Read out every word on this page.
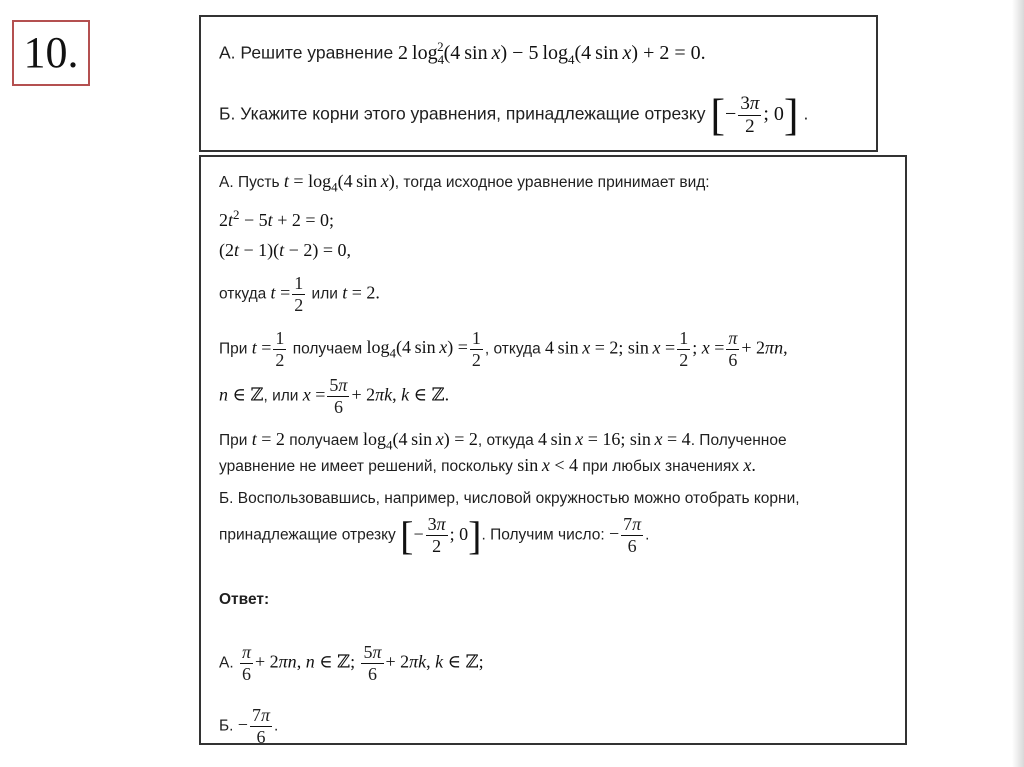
10.	А. Решите уравнение 2 $\log_4^2(4$ sin x) − 5 $\log_4(4$ sin x) + 2 = 0.
Б. Укажите корни этого уравнения, принадлежащие отрезку [− $\frac{3\pi}{2}$ ; 0] .
А. Пусть $t = \log_4(4$ sin x), тогда исходное уравнение принимает вид:
$2t^2 - 5t + 2 = 0$;
(2t − 1)(t − 2) = 0,
откуда $t = \frac{1}{2}$ или t = 2.
При $t = \frac{1}{2}$ получаем $\log_4(4$ $\sin x) = \frac{1}{2}$ , откуда 4 sin x = 2; $\sin x = \frac{1}{2}$ ; $x = \frac{\pi}{6} + 2\pi n$,
n ∈ ℤ, или $x = \frac{5\pi}{6} + 2\pi k$, k ∈ ℤ.
При t = 2 получаем $\log_4(4$ sin x) = 2, откуда 4 sin x = 16; sin x = 4. Полученное
уравнение не имеет решений, поскольку sin x < 4 при любых значениях x.
Б. Воспользовавшись, например, числовой окружностью можно отобрать корни,
принадлежащие отрезку [− $\frac{3\pi}{2}$ ; 0]. Получим число: − $\frac{7\pi}{6}$ .
Ответ:
А. $\frac{\pi}{6} + 2\pi n$, n ∈ ℤ; $\frac{5\pi}{6} + 2\pi k$, k ∈ ℤ;
Б. − $\frac{7\pi}{6}$ .
